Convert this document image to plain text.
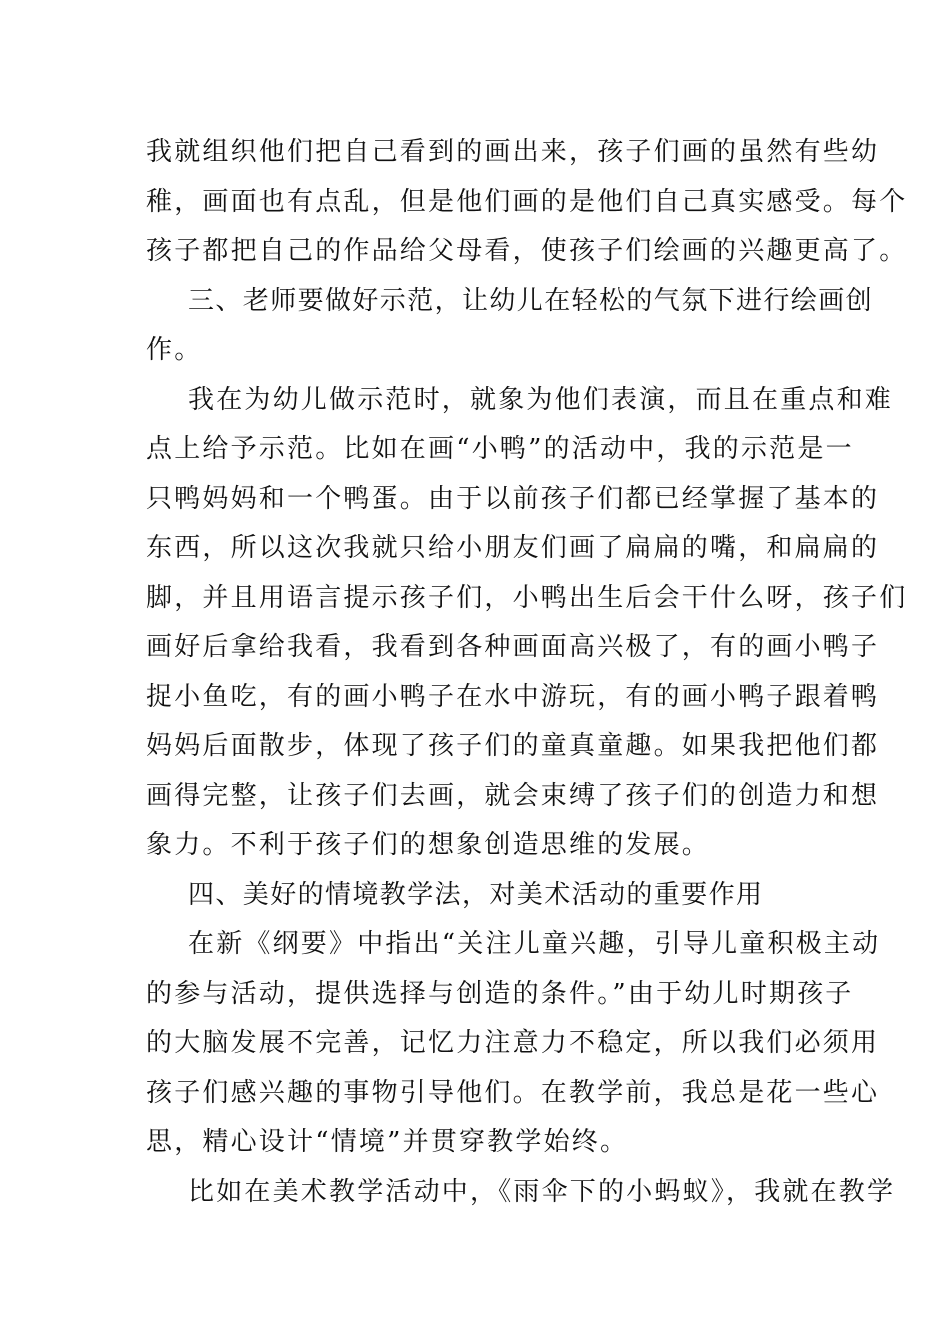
我就组织他们把自己看到的画出来，孩子们画的虽然有些幼
稚，画面也有点乱，但是他们画的是他们自己真实感受。每个
孩子都把自己的作品给父母看，使孩子们绘画的兴趣更高了。
三、老师要做好示范，让幼儿在轻松的气氛下进行绘画创
作。
我在为幼儿做示范时，就象为他们表演，而且在重点和难
点上给予示范。比如在画“小鸭”的活动中，我的示范是一
只鸭妈妈和一个鸭蛋。由于以前孩子们都已经掌握了基本的
东西，所以这次我就只给小朋友们画了扁扁的嘴，和扁扁的
脚，并且用语言提示孩子们，小鸭出生后会干什么呀，孩子们
画好后拿给我看，我看到各种画面高兴极了，有的画小鸭子
捉小鱼吃，有的画小鸭子在水中游玩，有的画小鸭子跟着鸭
妈妈后面散步，体现了孩子们的童真童趣。如果我把他们都
画得完整，让孩子们去画，就会束缚了孩子们的创造力和想
象力。不利于孩子们的想象创造思维的发展。
四、美好的情境教学法，对美术活动的重要作用
在新《纲要》中指出“关注儿童兴趣，引导儿童积极主动
的参与活动，提供选择与创造的条件。”由于幼儿时期孩子
的大脑发展不完善，记忆力注意力不稳定，所以我们必须用
孩子们感兴趣的事物引导他们。在教学前，我总是花一些心
思，精心设计“情境”并贯穿教学始终。
比如在美术教学活动中，《雨伞下的小蚂蚁》，我就在教学
